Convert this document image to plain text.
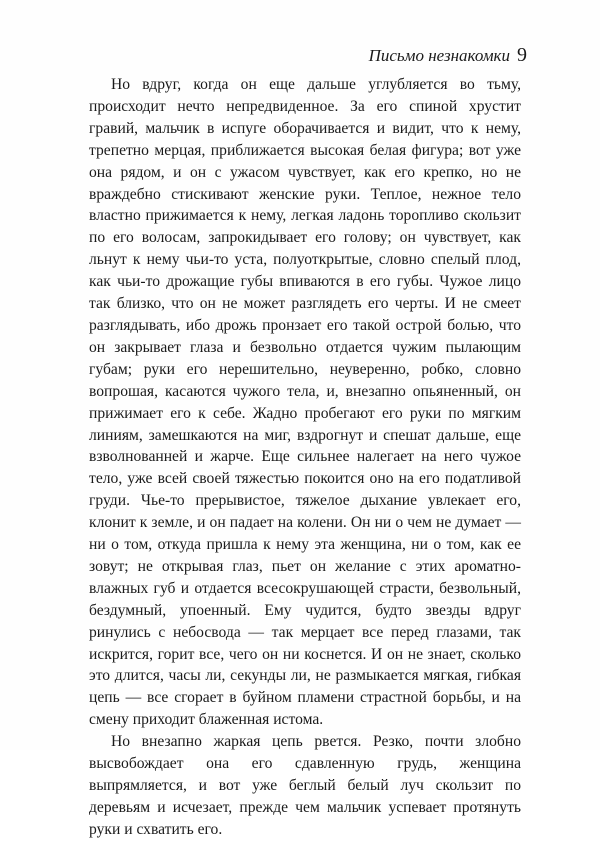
Письмо незнакомки 9

Но вдруг, когда он еще дальше углубляется во тьму, происходит нечто непредвиденное. За его спиной хрустит гравий, мальчик в испуге оборачивается и видит, что к нему, трепетно мерцая, приближается высокая белая фигура; вот уже она рядом, и он с ужасом чувствует, как его крепко, но не враждебно стискивают женские руки. Теплое, нежное тело властно прижимается к нему, легкая ладонь торопливо скользит по его волосам, запрокидывает его голову; он чувствует, как льнут к нему чьи-то уста, полуоткрытые, словно спелый плод, как чьи-то дрожащие губы впиваются в его губы. Чужое лицо так близко, что он не может разглядеть его черты. И не смеет разглядывать, ибо дрожь пронзает его такой острой болью, что он закрывает глаза и безвольно отдается чужим пылающим губам; руки его нерешительно, неуверенно, робко, словно вопрошая, касаются чужого тела, и, внезапно опьяненный, он прижимает его к себе. Жадно пробегают его руки по мягким линиям, замешкаются на миг, вздрогнут и спешат дальше, еще взволнованней и жарче. Еще сильнее налегает на него чужое тело, уже всей своей тяжестью покоится оно на его податливой груди. Чье-то прерывистое, тяжелое дыхание увлекает его, клонит к земле, и он падает на колени. Он ни о чем не думает — ни о том, откуда пришла к нему эта женщина, ни о том, как ее зовут; не открывая глаз, пьет он желание с этих ароматно-влажных губ и отдается всесокрушающей страсти, безвольный, бездумный, упоенный. Ему чудится, будто звезды вдруг ринулись с небосвода — так мерцает все перед глазами, так искрится, горит все, чего он ни коснется. И он не знает, сколько это длится, часы ли, секунды ли, не размыкается мягкая, гибкая цепь — все сгорает в буйном пламени страстной борьбы, и на смену приходит блаженная истома.

Но внезапно жаркая цепь рвется. Резко, почти злобно высвобождает она его сдавленную грудь, женщина выпрямляется, и вот уже беглый белый луч скользит по деревьям и исчезает, прежде чем мальчик успевает протянуть руки и схватить его.
